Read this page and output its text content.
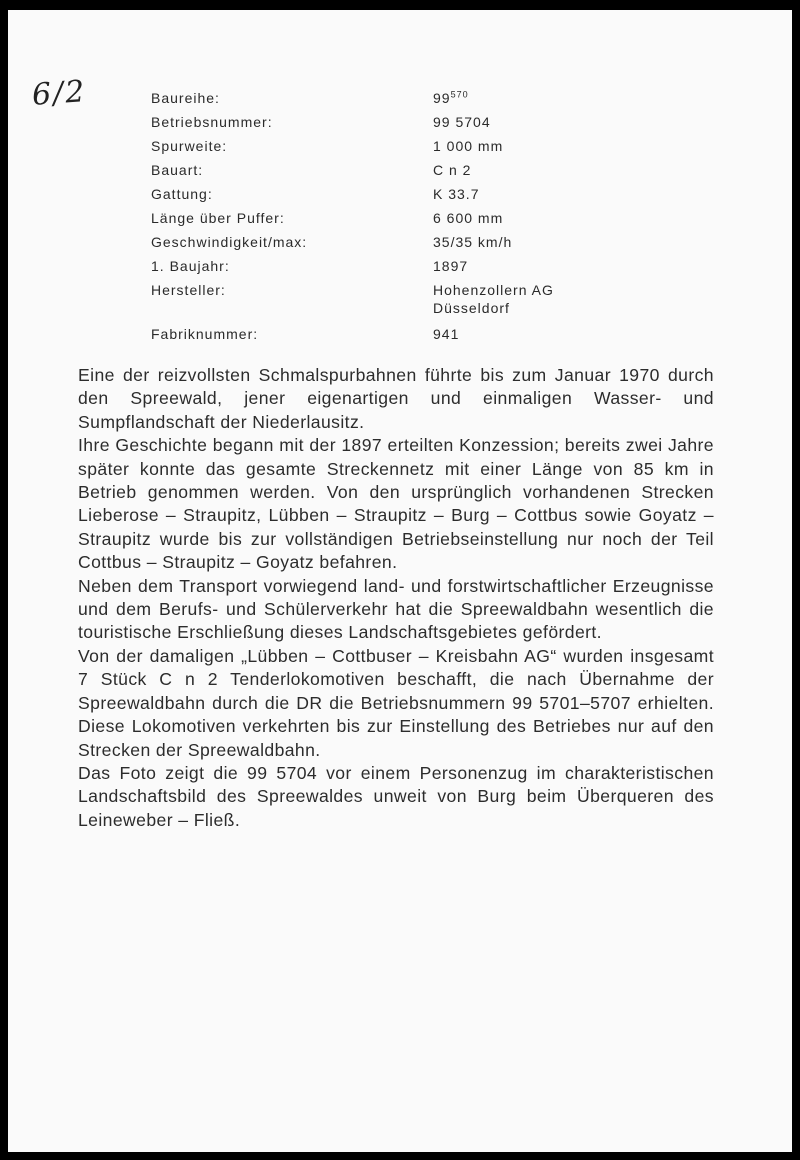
6/2	Baureihe:	$99^{570}$
Betriebsnummer:	99 5704
Spurweite:	1 000 mm
Bauart:	C n 2
Gattung:	K 33.7
Länge über Puffer:	6 600 mm
Geschwindigkeit/max:	35/35 km/h
1. Baujahr:	1897
Hersteller:	Hohenzollern AG
Düsseldorf
Fabriknummer:	941

Eine der reizvollsten Schmalspurbahnen führte bis zum Januar 1970 durch den Spreewald, jener eigenartigen und einmaligen Wasser- und Sumpflandschaft der Niederlausitz.

Ihre Geschichte begann mit der 1897 erteilten Konzession; bereits zwei Jahre später konnte das gesamte Streckennetz mit einer Länge von 85 km in Betrieb genommen werden. Von den ursprünglich vorhandenen Strecken Lieberose – Straupitz, Lübben – Straupitz – Burg – Cottbus sowie Goyatz – Straupitz wurde bis zur vollständigen Betriebseinstellung nur noch der Teil Cottbus – Straupitz – Goyatz befahren.

Neben dem Transport vorwiegend land- und forstwirtschaftlicher Erzeugnisse und dem Berufs- und Schülerverkehr hat die Spreewaldbahn wesentlich die touristische Erschließung dieses Landschaftsgebietes gefördert.

Von der damaligen „Lübben – Cottbuser – Kreisbahn AG“ wurden insgesamt 7 Stück C n 2 Tenderlokomotiven beschafft, die nach Übernahme der Spreewaldbahn durch die DR die Betriebsnummern 99 5701–5707 erhielten. Diese Lokomotiven verkehrten bis zur Einstellung des Betriebes nur auf den Strecken der Spreewaldbahn.

Das Foto zeigt die 99 5704 vor einem Personenzug im charakteristischen Landschaftsbild des Spreewaldes unweit von Burg beim Überqueren des Leineweber – Fließ.
